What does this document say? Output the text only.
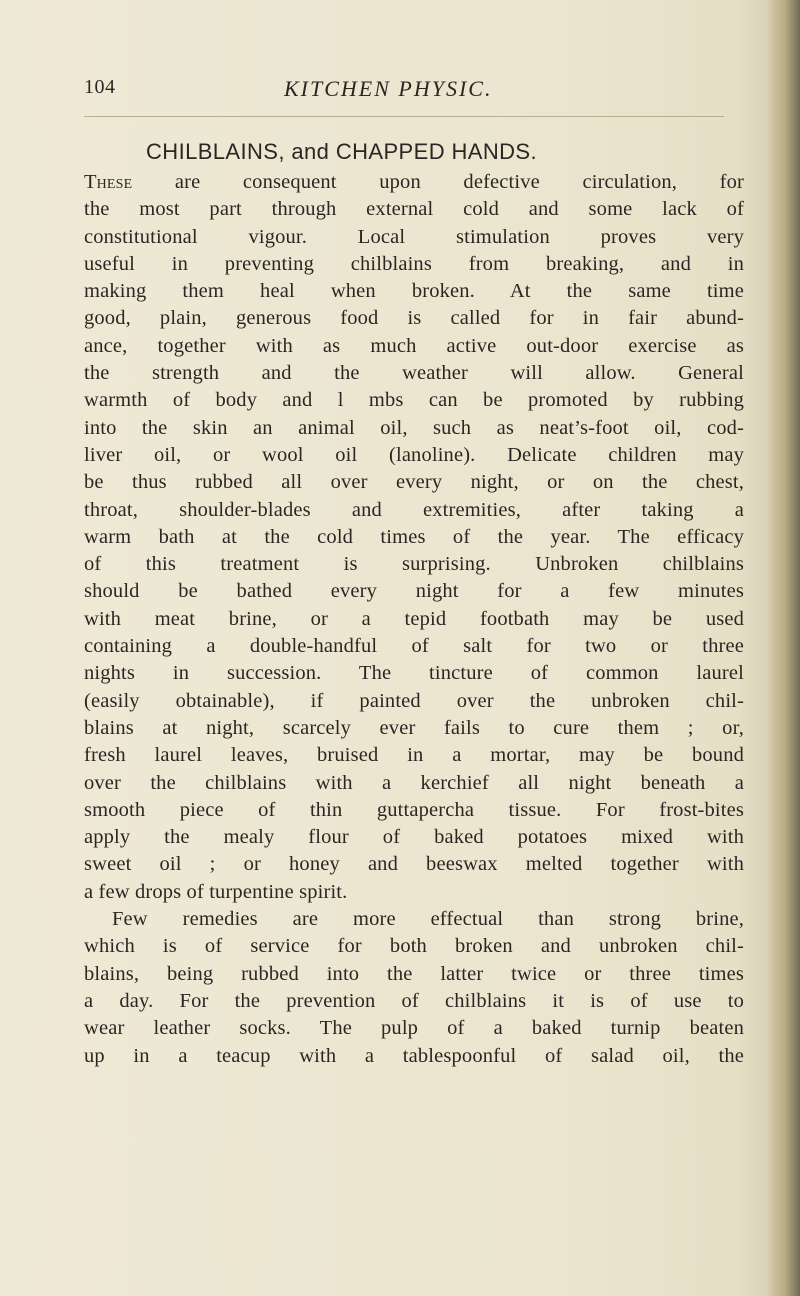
104	KITCHEN PHYSIC.
CHILBLAINS, and CHAPPED HANDS.
These are consequent upon defective circulation, for
the most part through external cold and some lack of
constitutional vigour. Local stimulation proves very
useful in preventing chilblains from breaking, and in
making them heal when broken. At the same time
good, plain, generous food is called for in fair abund-
ance, together with as much active out-door exercise as
the strength and the weather will allow. General
warmth of body and l mbs can be promoted by rubbing
into the skin an animal oil, such as neat’s-foot oil, cod-
liver oil, or wool oil (lanoline). Delicate children may
be thus rubbed all over every night, or on the chest,
throat, shoulder-blades and extremities, after taking a
warm bath at the cold times of the year. The efficacy
of this treatment is surprising. Unbroken chilblains
should be bathed every night for a few minutes
with meat brine, or a tepid footbath may be used
containing a double-handful of salt for two or three
nights in succession. The tincture of common laurel
(easily obtainable), if painted over the unbroken chil-
blains at night, scarcely ever fails to cure them ; or,
fresh laurel leaves, bruised in a mortar, may be bound
over the chilblains with a kerchief all night beneath a
smooth piece of thin guttapercha tissue. For frost-bites
apply the mealy flour of baked potatoes mixed with
sweet oil ; or honey and beeswax melted together with
a few drops of turpentine spirit.
Few remedies are more effectual than strong brine,
which is of service for both broken and unbroken chil-
blains, being rubbed into the latter twice or three times
a day. For the prevention of chilblains it is of use to
wear leather socks. The pulp of a baked turnip beaten
up in a teacup with a tablespoonful of salad oil, the
